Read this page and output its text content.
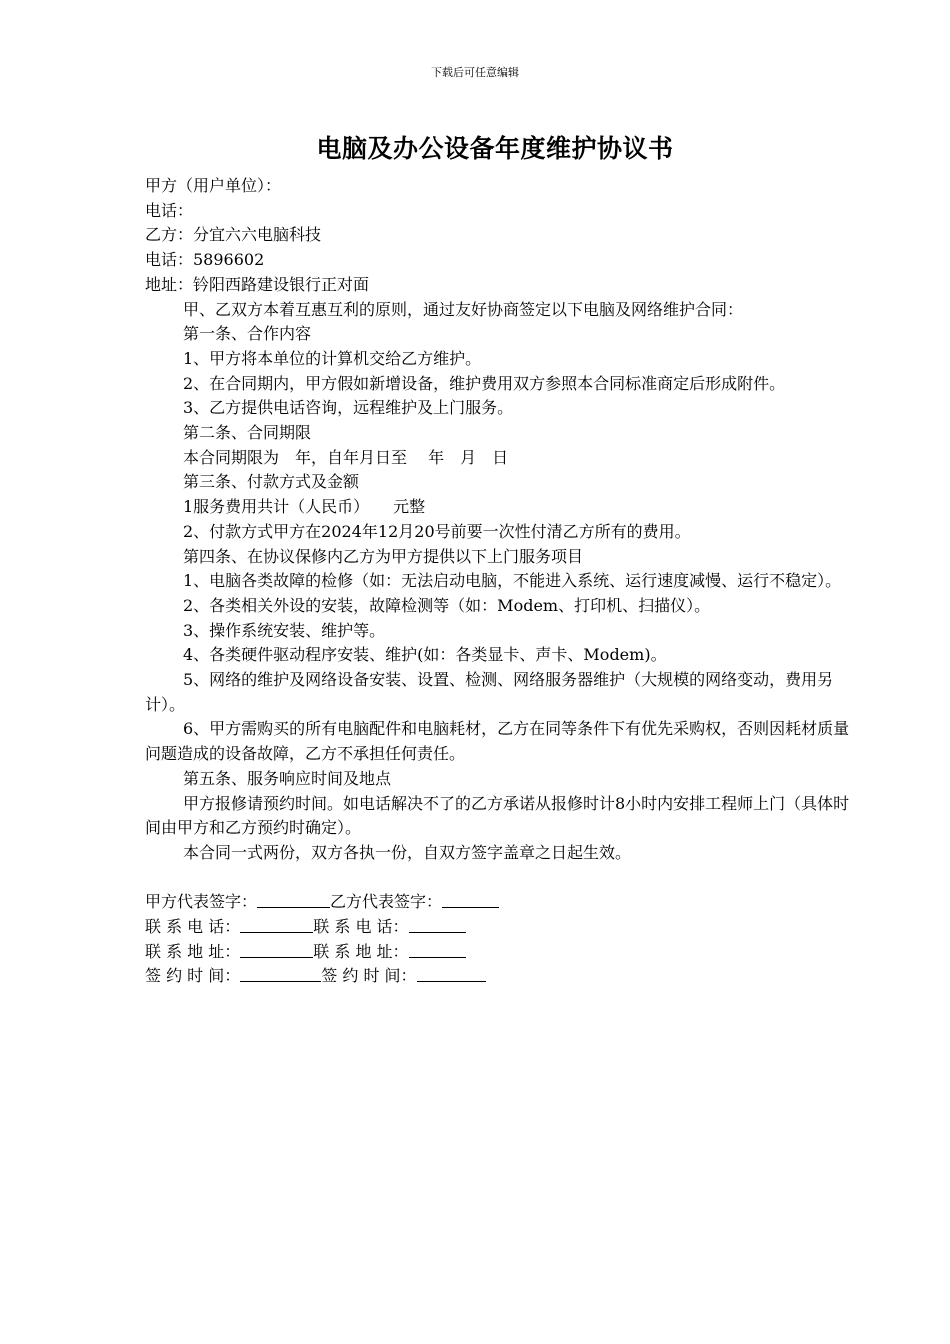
下载后可任意编辑
电脑及办公设备年度维护协议书

甲方（用户单位）：

电话：

乙方：分宜六六电脑科技

电话：5896602

地址：钤阳西路建设银行正对面

甲、乙双方本着互惠互利的原则，通过友好协商签定以下电脑及网络维护合同：

第一条、合作内容

1、甲方将本单位的计算机交给乙方维护。

2、在合同期内，甲方假如新增设备，维护费用双方参照本合同标准商定后形成附件。

3、乙方提供电话咨询，远程维护及上门服务。

第二条、合同期限

本合同期限为　年，自年月日至　 年　月　日

第三条、付款方式及金额

1服务费用共计（人民币）　　元整

2、付款方式甲方在2024年12月20号前要一次性付清乙方所有的费用。

第四条、在协议保修内乙方为甲方提供以下上门服务项目

1、电脑各类故障的检修（如：无法启动电脑，不能进入系统、运行速度减慢、运行不稳定）。

2、各类相关外设的安装，故障检测等（如：Modem、打印机、扫描仪）。

3、操作系统安装、维护等。

4、各类硬件驱动程序安装、维护(如：各类显卡、声卡、Modem)。

5、网络的维护及网络设备安装、设置、检测、网络服务器维护（大规模的网络变动，费用另计）。

6、甲方需购买的所有电脑配件和电脑耗材，乙方在同等条件下有优先采购权，否则因耗材质量问题造成的设备故障，乙方不承担任何责任。

第五条、服务响应时间及地点

甲方报修请预约时间。如电话解决不了的乙方承诺从报修时计8小时内安排工程师上门（具体时间由甲方和乙方预约时确定）。

本合同一式两份，双方各执一份，自双方签字盖章之日起生效。

甲方代表签字：	乙方代表签字：

联 系 电 话：	联 系 电 话：

联 系 地 址：	联 系 地 址：

签 约 时 间：	签 约 时 间：
